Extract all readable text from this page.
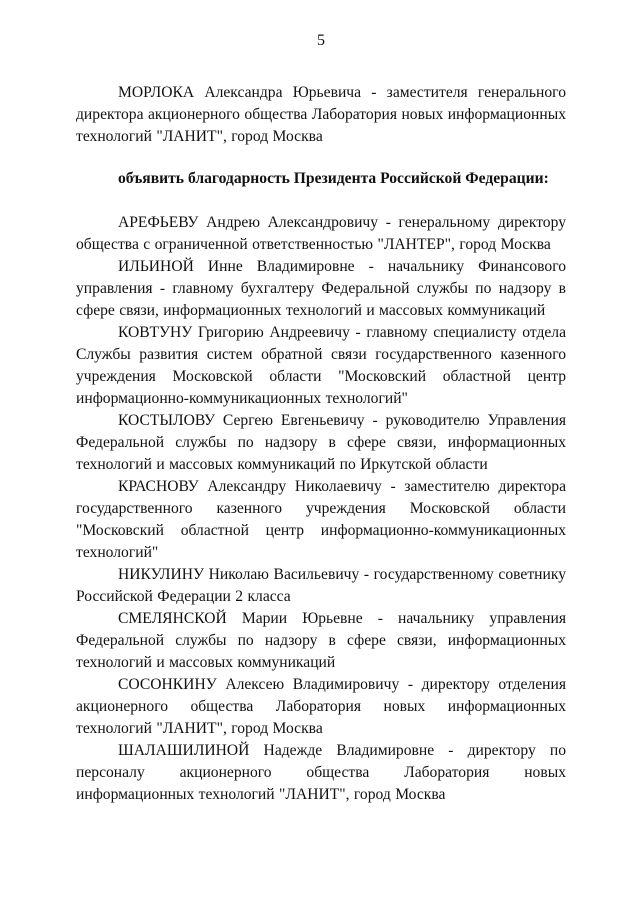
5

МОРЛОКА Александра Юрьевича - заместителя генерального директора акционерного общества Лаборатория новых информационных технологий "ЛАНИТ", город Москва

объявить благодарность Президента Российской Федерации:

АРЕФЬЕВУ Андрею Александровичу - генеральному директору общества с ограниченной ответственностью "ЛАНТЕР", город Москва

ИЛЬИНОЙ Инне Владимировне - начальнику Финансового управления - главному бухгалтеру Федеральной службы по надзору в сфере связи, информационных технологий и массовых коммуникаций

КОВТУНУ Григорию Андреевичу - главному специалисту отдела Службы развития систем обратной связи государственного казенного учреждения Московской области "Московский областной центр информационно-коммуникационных технологий"

КОСТЫЛОВУ Сергею Евгеньевичу - руководителю Управления Федеральной службы по надзору в сфере связи, информационных технологий и массовых коммуникаций по Иркутской области

КРАСНОВУ Александру Николаевичу - заместителю директора государственного казенного учреждения Московской области "Московский областной центр информационно-коммуникационных технологий"

НИКУЛИНУ Николаю Васильевичу - государственному советнику Российской Федерации 2 класса

СМЕЛЯНСКОЙ Марии Юрьевне - начальнику управления Федеральной службы по надзору в сфере связи, информационных технологий и массовых коммуникаций

СОСОНКИНУ Алексею Владимировичу - директору отделения акционерного общества Лаборатория новых информационных технологий "ЛАНИТ", город Москва

ШАЛАШИЛИНОЙ Надежде Владимировне - директору по персоналу акционерного общества Лаборатория новых информационных технологий "ЛАНИТ", город Москва
